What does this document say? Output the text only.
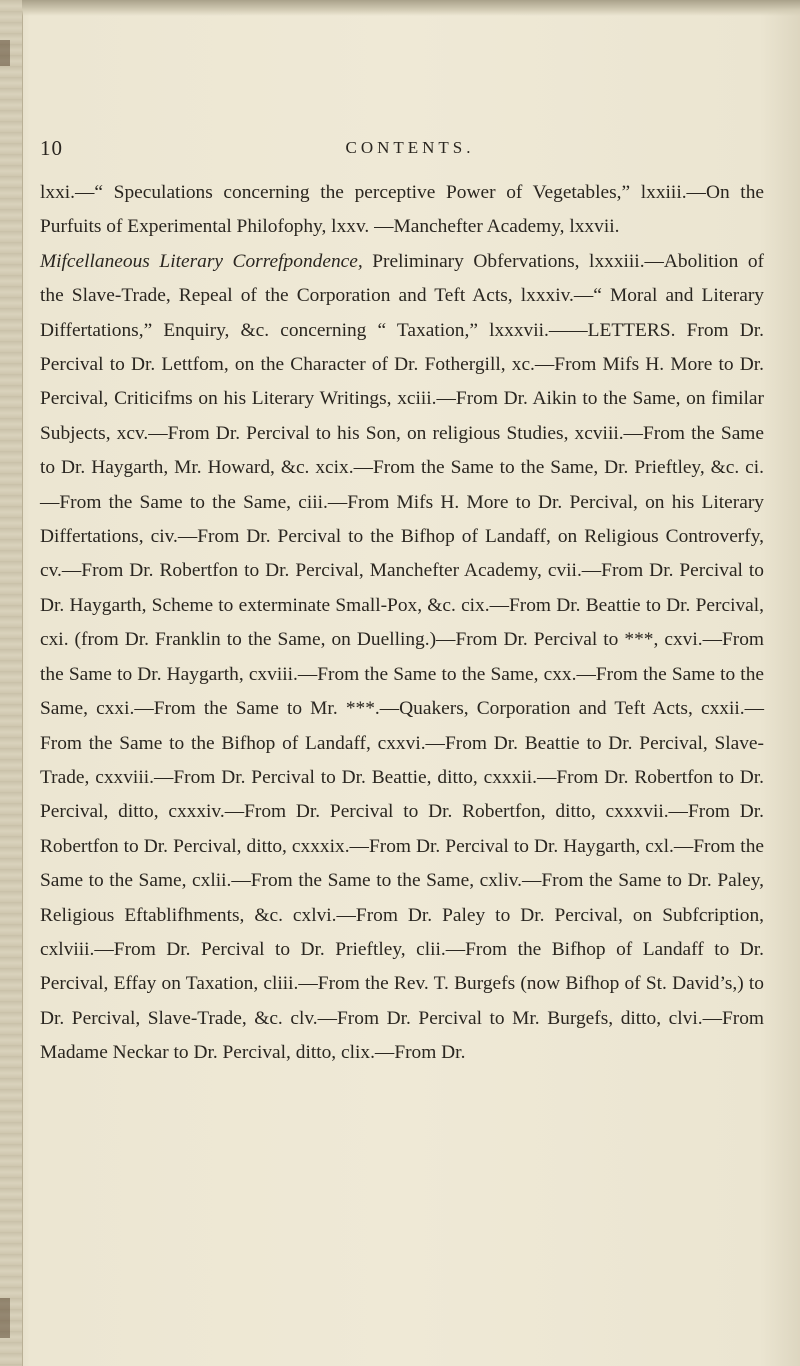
10	CONTENTS.

lxxi.—“ Speculations concerning the perceptive Power of Vegetables,” lxxiii.—On the Purfuits of Experimental Philofophy, lxxv. —Manchefter Academy, lxxvii.

Mifcellaneous Literary Correfpondence, Preliminary Obfervations, lxxxiii.—Abolition of the Slave-Trade, Repeal of the Corporation and Teft Acts, lxxxiv.—“ Moral and Literary Differtations,” Enquiry, &c. concerning “ Taxation,” lxxxvii.——LETTERS. From Dr. Percival to Dr. Lettfom, on the Character of Dr. Fothergill, xc.—From Mifs H. More to Dr. Percival, Criticifms on his Literary Writings, xciii.—From Dr. Aikin to the Same, on fimilar Subjects, xcv.—From Dr. Percival to his Son, on religious Studies, xcviii.—From the Same to Dr. Haygarth, Mr. Howard, &c. xcix.—From the Same to the Same, Dr. Prieftley, &c. ci.—From the Same to the Same, ciii.—From Mifs H. More to Dr. Percival, on his Literary Differtations, civ.—From Dr. Percival to the Bifhop of Landaff, on Religious Controverfy, cv.—From Dr. Robertfon to Dr. Percival, Manchefter Academy, cvii.—From Dr. Percival to Dr. Haygarth, Scheme to exterminate Small-Pox, &c. cix.—From Dr. Beattie to Dr. Percival, cxi. (from Dr. Franklin to the Same, on Duelling.)—From Dr. Percival to ***, cxvi.—From the Same to Dr. Haygarth, cxviii.—From the Same to the Same, cxx.—From the Same to the Same, cxxi.—From the Same to Mr. ***.—Quakers, Corporation and Teft Acts, cxxii.—From the Same to the Bifhop of Landaff, cxxvi.—From Dr. Beattie to Dr. Percival, Slave-Trade, cxxviii.—From Dr. Percival to Dr. Beattie, ditto, cxxxii.—From Dr. Robertfon to Dr. Percival, ditto, cxxxiv.—From Dr. Percival to Dr. Robertfon, ditto, cxxxvii.—From Dr. Robertfon to Dr. Percival, ditto, cxxxix.—From Dr. Percival to Dr. Haygarth, cxl.—From the Same to the Same, cxlii.—From the Same to the Same, cxliv.—From the Same to Dr. Paley, Religious Eftablifhments, &c. cxlvi.—From Dr. Paley to Dr. Percival, on Subfcription, cxlviii.—From Dr. Percival to Dr. Prieftley, clii.—From the Bifhop of Landaff to Dr. Percival, Effay on Taxation, cliii.—From the Rev. T. Burgefs (now Bifhop of St. David’s,) to Dr. Percival, Slave-Trade, &c. clv.—From Dr. Percival to Mr. Burgefs, ditto, clvi.—From Madame Neckar to Dr. Percival, ditto, clix.—From Dr.
